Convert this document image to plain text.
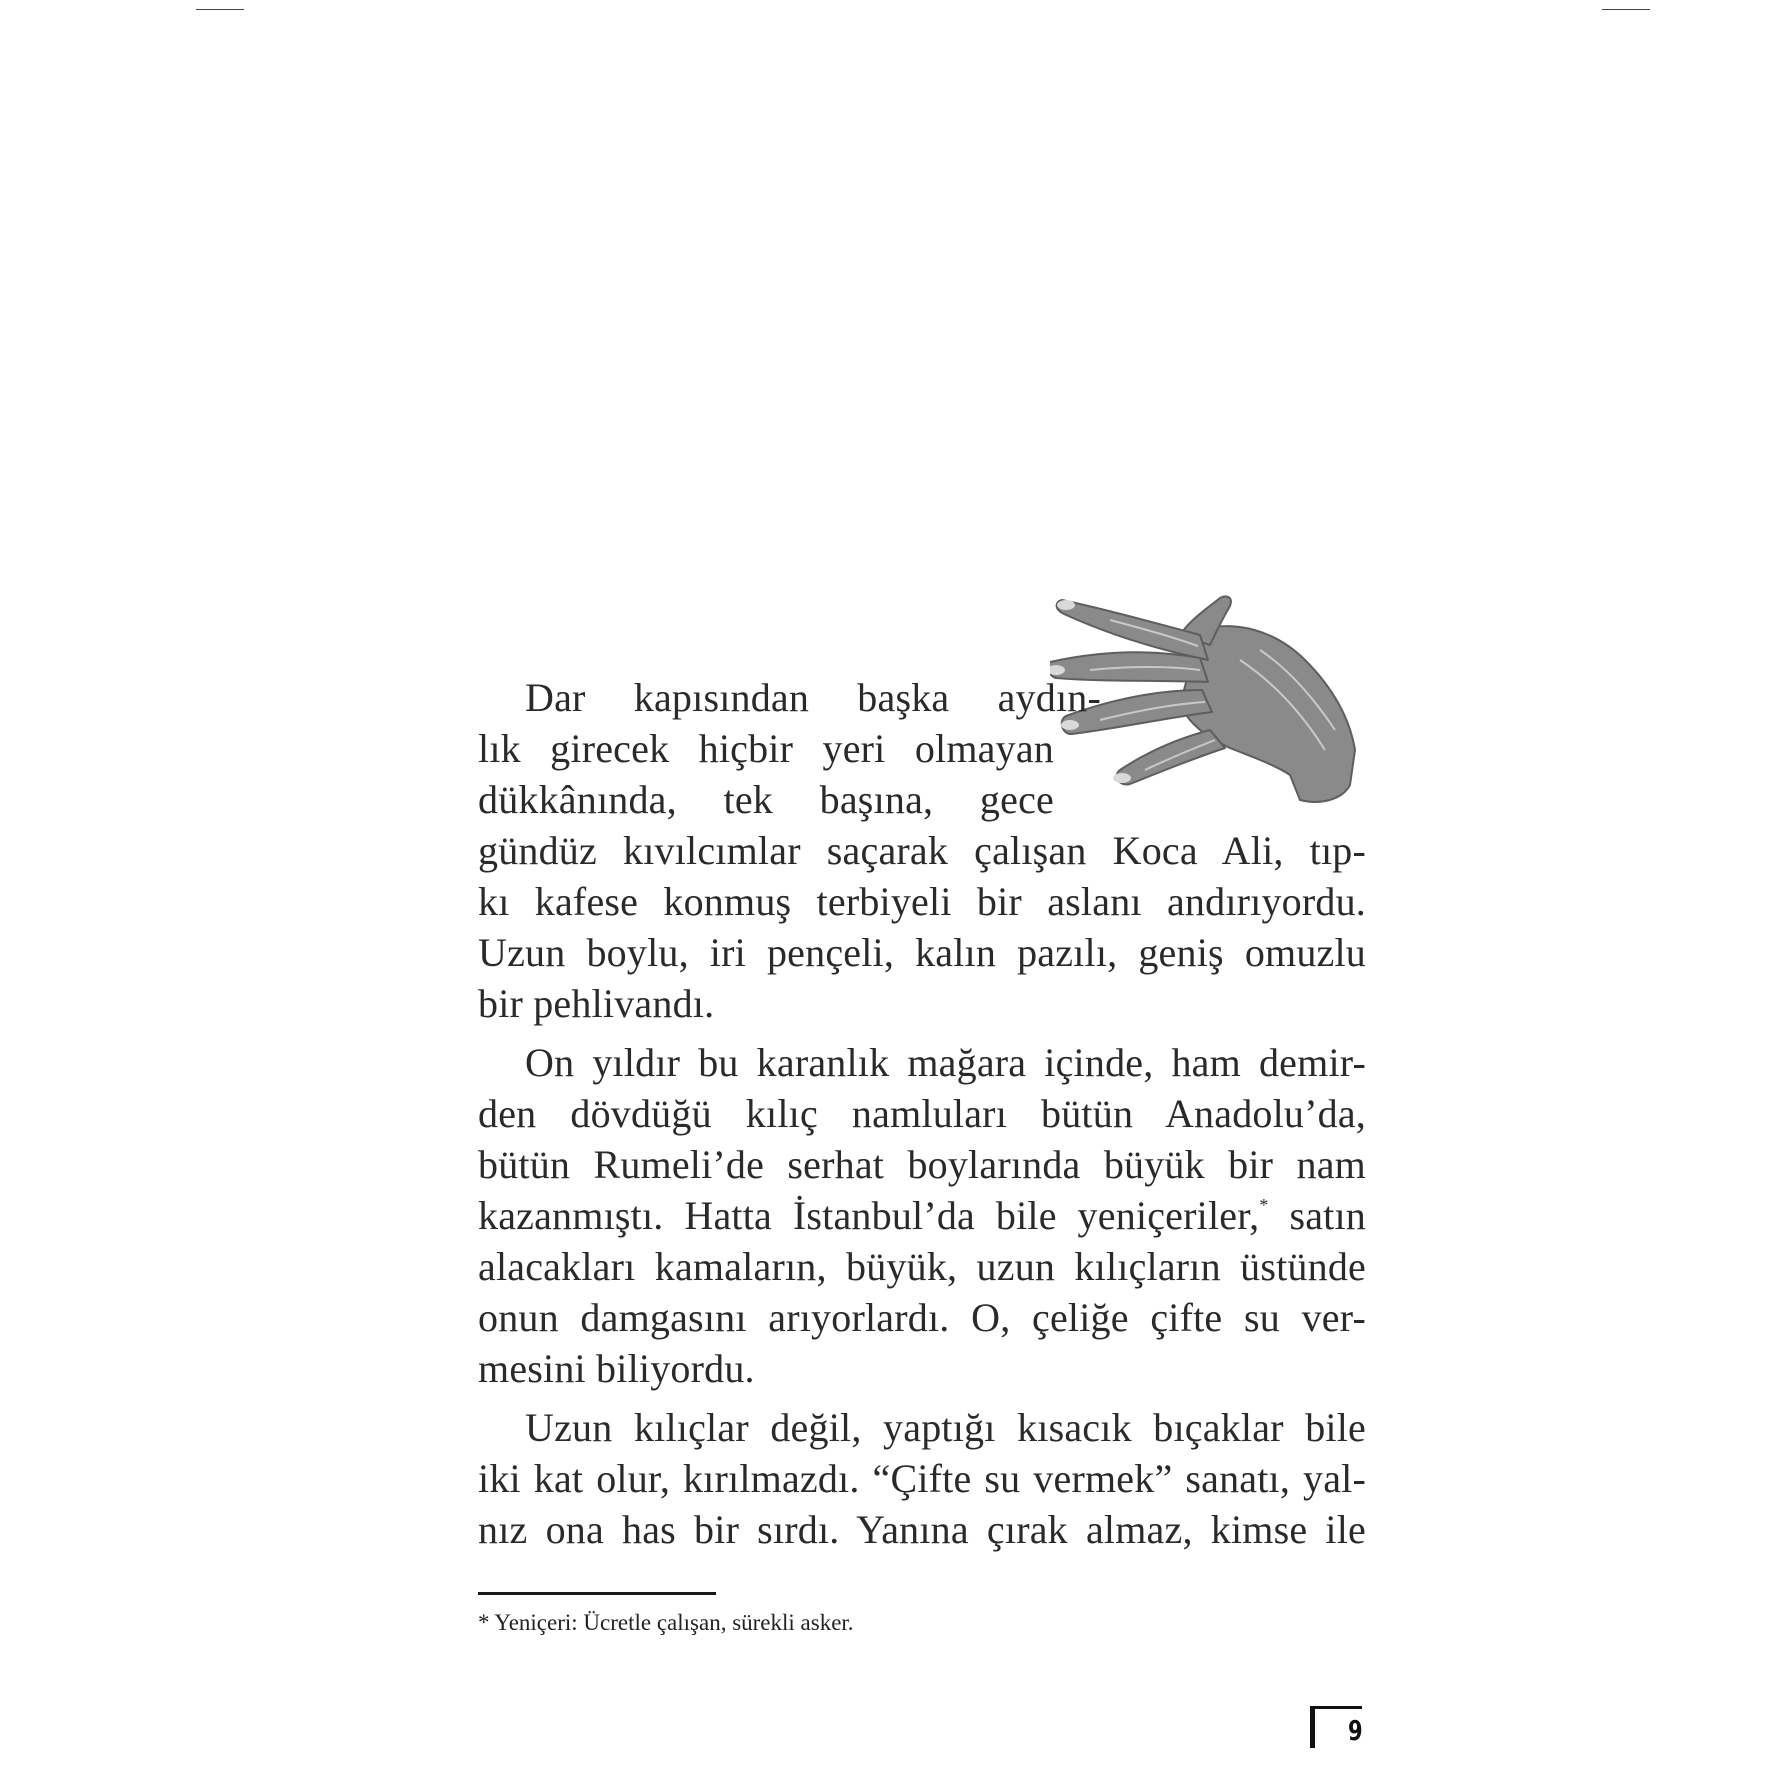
Dar kapısından başka aydın-
lık girecek hiçbir yeri olmayan
dükkânında, tek başına, gece
gündüz kıvılcımlar saçarak çalışan Koca Ali, tıp-
kı kafese konmuş terbiyeli bir aslanı andırıyordu.
Uzun boylu, iri pençeli, kalın pazılı, geniş omuzlu
bir pehlivandı.

On yıldır bu karanlık mağara içinde, ham demir-
den dövdüğü kılıç namluları bütün Anadolu’da,
bütün Rumeli’de serhat boylarında büyük bir nam
kazanmıştı. Hatta İstanbul’da bile yeniçeriler,* satın
alacakları kamaların, büyük, uzun kılıçların üstünde
onun damgasını arıyorlardı. O, çeliğe çifte su ver-
mesini biliyordu.

Uzun kılıçlar değil, yaptığı kısacık bıçaklar bile
iki kat olur, kırılmazdı. “Çifte su vermek” sanatı, yal-
nız ona has bir sırdı. Yanına çırak almaz, kimse ile

* Yeniçeri: Ücretle çalışan, sürekli asker.
9
